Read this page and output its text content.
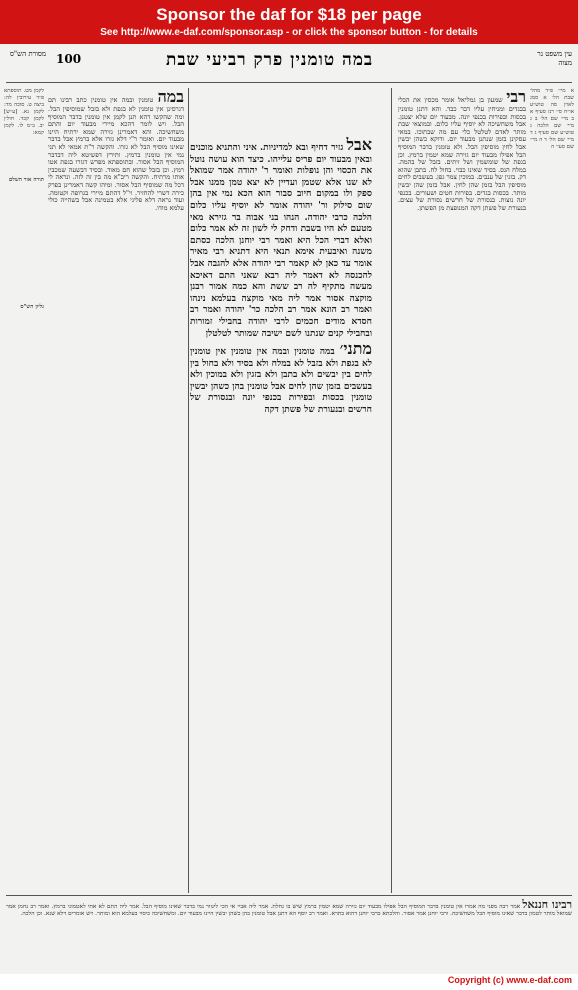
Sponsor the daf for $18 per page
See http://www.e-daf.com/sponsor.asp - or click the sponsor button - for details
עין משפט נר מצוה
במה טומנין פרק רביעי שבת
100
מסורת הש"ס
א מיי׳ פ״ד מהל׳ שבת הל׳ א סמג לאוין סה טוש״ע או״ח סי׳ רנז סעיף א ב מיי׳ שם הל׳ ב ג מיי׳ שם הלכה ג טוש״ע שם סעיף ג ד מיי׳ שם הל׳ ד ה מיי׳ שם סעי׳ ה
לקמן מט. תוספתא פ״ד עירובין לה: ביצה ט. סוכה מד: לקמן נא. [ע״ש] לקמן קכד. חולין יב. ב״מ לו. לקמן קמא:
תורה אור השלם
גליון הש"ס
רבי שמעון בן גמליאל אומר מכסין את הכלי בבגדים ומניחין עליו דבר כבד. והא דתנן טומנין בכסות ובפירות בכנפי יונה. מבעוד יום שלא יצטנן. אבל משחשיכה לא יוסיף עליו כלום. ובמוצאי שבת מותר לאדם לטלטל כלי עם מה שבתוכו. במאי עסקינן בזמן שנתנן מבעוד יום. ודוקא כשהן יבשין אבל לחין מוסיפין הבל. ולא טומנין בדבר המוסיף הבל אפילו מבעוד יום גזירה שמא יטמין ברמץ. וכן בגפת של שומשמין ושל זיתים. בזבל של בהמה. במלח הגס. בסיד שאינו כבוי. בחול לח. בתבן שהוא דק. בזגין של ענבים. במוכין צמר גפן. בעשבים לחים מוסיפין הבל בזמן שהן לחין. אבל בזמן שהן יבשין מותר. בכסות בגדים. בפירות חטים ושעורים. בכנפי יונה נוצות. בנסורת של חרשים נסורת של עצים. בנעורת של פשתן דקה המנופצת מן הפשתן.
אבל גזיר דחיף ובא למדיניות. איני והתניא מוכנים ובאין מבעוד יום פריס עלייהו. כיצד הוא עושה נוטל את הכסוי והן נופלות ואומר ר' יהודה אמר שמואל לא שנו אלא שטמן ועדיין לא יצא טמן ממנו אבל ספק ולו במקום חיוב סבור הוא הכא נמי אין בהן שום סילוק ור' יהודה אומר לא יוסיף עליו כלום הלכה כרבי יהודה. הנהו בני אבוה בר גזירא מאי מטעם לא היו בשבת ודחק לי לשון זה לא אמר כלום ואלא דברי הכל היא ואמר רבי יוחנן הלכה כסתם משנה ואיבעית אימא תנאי היא דתניא רבי מאיר אומר עד כאן לא קאמר רבי יהודה אלא להגבה אבל להכנסה לא דאמר ליה רבא שאני התם דאיכא מעשה מתקיף לה רב ששת והא כמה אמור רבנן מוקצה אסור אמר ליה מאי מוקצה בעלמא נינהו ואמר רב הונא אמר רב הלכה כר' יהודה ואמר רב חסדא מודים חכמים לרבי יהודה בחבילי זמורות ובחבילי קנים שנתנו לשם ישיבה שמותר לטלטלן
מתני׳ במה טומנין ובמה אין טומנין אין טומנין לא בגפת ולא בזבל לא במלח ולא בסיד ולא בחול בין לחים בין יבשים ולא בתבן ולא בזגין ולא במוכין ולא בעשבים בזמן שהן לחים אבל טומנין בהן כשהן יבשין טומנין בכסות ובפירות בכנפי יונה ובנסורת של חרשים ובנעורת של פשתן דקה
במה טומנין ובמה אין טומנין כתב רבינו תם דגרסינן אין טומנין לא בגפת ולא בזבל שמוסיפין הבל. ומה שהקשו דהא תנן לקמן אין טומנין בדבר המוסיף הבל. ויש לומר דהכא מיירי מבעוד יום והתם משחשיכה. והא דאמרינן גזירה שמא ירתיח היינו מבעוד יום. ואומר ר"י דלא גזרו אלא ברמץ אבל בדבר שאינו מוסיף הבל לא גזרו. והקשה ר"ת אמאי לא תני נמי אין טומנין ברמץ. ותירץ דפשיטא ליה דבדבר המוסיף הבל אסור. ובתוספתא מפרש דגזרו בגפת אטו רמץ. וכן בזבל שהוא חם מאוד. ובסיד דבשעה שמכבין אותו מרתיח. והקשה ריב"א מה בין זה לזה. ונראה לי דכל מה שמוסיף הבל אסור. ומיהו קשה דאמרינן בפרק כירה דשרי להחזיר. וי"ל דהתם מיירי בגרופה וקטומה. ועוד נראה דלא פליגי אלא בטמינה אבל בשהייה כולי עלמא מודו.
רבינו חננאל אמר רבה מפני מה אמרו אין טומנין בדבר המוסיף הבל אפילו מבעוד יום גזירה שמא יטמין ברמץ שיש בו גחלת. אמר ליה אביי אי הכי ליגזור נמי בדבר שאינו מוסיף הבל. אמר ליה התם לא אתי לאטמוני ברמץ. ואמר רב נחמן אמר שמואל מותר לטמון בדבר שאינו מוסיף הבל משחשיכה. ורבי יוחנן אמר אסור. והלכתא כרבי יוחנן דהוא בתרא. ואמר רב יוסף הא דתנן אבל טומנין בהן כשהן יבשין היינו מבעוד יום. ומשחשיכה כיסוי בעלמא הוא ומותר. ויש אומרים דלא שנא. וכן הלכה.
Copyright (c) www.e-daf.com
